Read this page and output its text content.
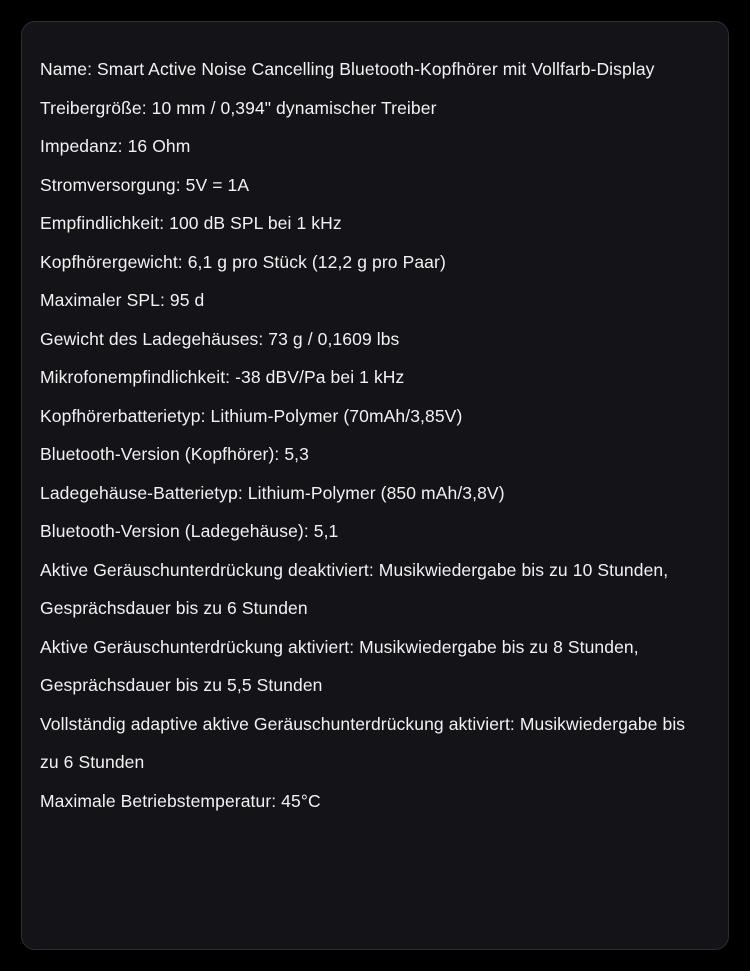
Name: Smart Active Noise Cancelling Bluetooth-Kopfhörer mit Vollfarb-Display
Treibergröße: 10 mm / 0,394" dynamischer Treiber
Impedanz: 16 Ohm
Stromversorgung: 5V = 1A
Empfindlichkeit: 100 dB SPL bei 1 kHz
Kopfhörergewicht: 6,1 g pro Stück (12,2 g pro Paar)
Maximaler SPL: 95 d
Gewicht des Ladegehäuses: 73 g / 0,1609 lbs
Mikrofonempfindlichkeit: -38 dBV/Pa bei 1 kHz
Kopfhörerbatterietyp: Lithium-Polymer (70mAh/3,85V)
Bluetooth-Version (Kopfhörer): 5,3
Ladegehäuse-Batterietyp: Lithium-Polymer (850 mAh/3,8V)
Bluetooth-Version (Ladegehäuse): 5,1
Aktive Geräuschunterdrückung deaktiviert: Musikwiedergabe bis zu 10 Stunden, Gesprächsdauer bis zu 6 Stunden
Aktive Geräuschunterdrückung aktiviert: Musikwiedergabe bis zu 8 Stunden, Gesprächsdauer bis zu 5,5 Stunden
Vollständig adaptive aktive Geräuschunterdrückung aktiviert: Musikwiedergabe bis zu 6 Stunden
Maximale Betriebstemperatur: 45°C
